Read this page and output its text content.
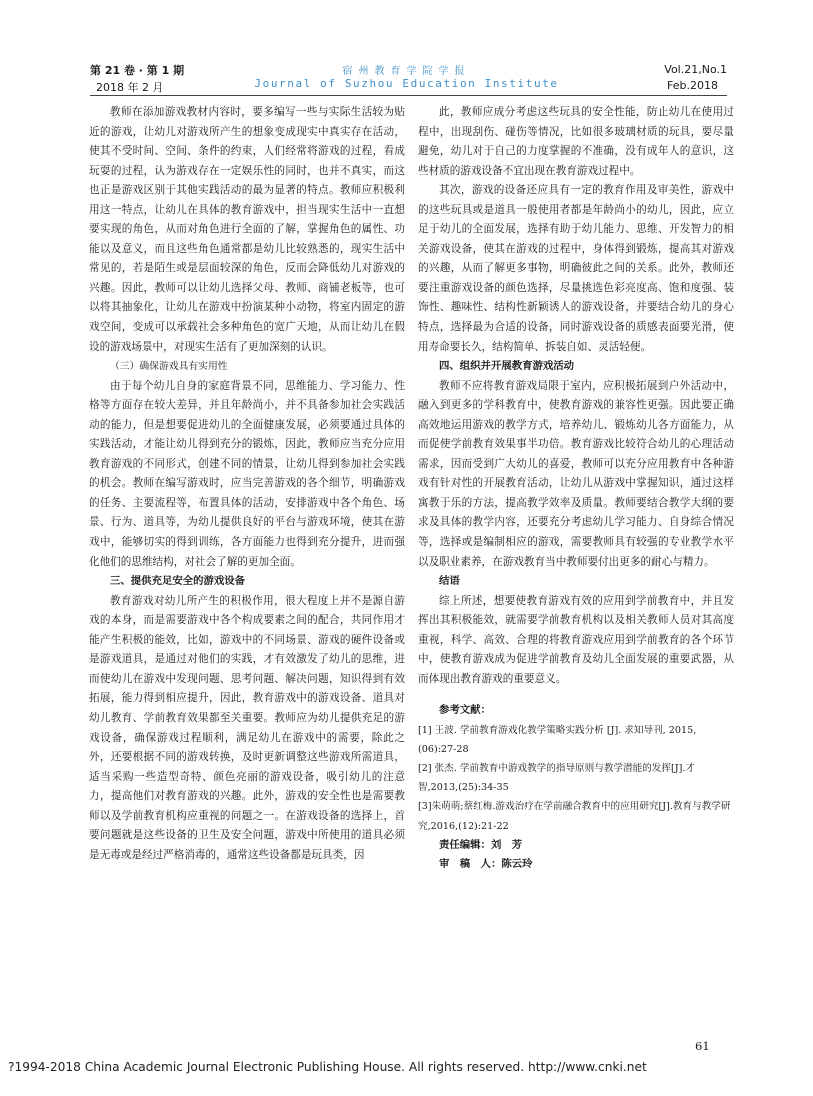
第 21 卷 · 第 1 期
2018 年 2 月
宿州教育学院学报
Journal of Suzhou Education Institute
Vol.21,No.1
Feb.2018

教师在添加游戏教材内容时，要多编写一些与实际生活较为贴近的游戏，让幼儿对游戏所产生的想象变成现实中真实存在活动，使其不受时间、空间、条件的约束，人们经常将游戏的过程，看成玩耍的过程，认为游戏存在一定娱乐性的同时，也并不真实，而这也正是游戏区别于其他实践活动的最为显著的特点。教师应积极利用这一特点，让幼儿在具体的教育游戏中，担当现实生活中一直想要实现的角色，从而对角色进行全面的了解，掌握角色的属性、功能以及意义，而且这些角色通常都是幼儿比较熟悉的，现实生活中常见的，若是陌生或是层面较深的角色，反而会降低幼儿对游戏的兴趣。因此，教师可以让幼儿选择父母、教师、商铺老板等，也可以将其抽象化，让幼儿在游戏中扮演某种小动物，将室内固定的游戏空间，变成可以承载社会多种角色的宽广天地，从而让幼儿在假设的游戏场景中，对现实生活有了更加深刻的认识。

（三）确保游戏具有实用性

由于每个幼儿自身的家庭背景不同，思维能力、学习能力、性格等方面存在较大差异，并且年龄尚小，并不具备参加社会实践活动的能力，但是想要促进幼儿的全面健康发展，必须要通过具体的实践活动，才能让幼儿得到充分的锻炼，因此，教师应当充分应用教育游戏的不同形式，创建不同的情景，让幼儿得到参加社会实践的机会。教师在编写游戏时，应当完善游戏的各个细节，明确游戏的任务、主要流程等，布置具体的活动，安排游戏中各个角色、场景、行为、道具等，为幼儿提供良好的平台与游戏环境，使其在游戏中，能够切实的得到训练，各方面能力也得到充分提升，进而强化他们的思维结构，对社会了解的更加全面。

三、提供充足安全的游戏设备

教育游戏对幼儿所产生的积极作用，很大程度上并不是源自游戏的本身，而是需要游戏中各个构成要素之间的配合，共同作用才能产生积极的能效，比如，游戏中的不同场景、游戏的硬件设备或是游戏道具，是通过对他们的实践，才有效激发了幼儿的思维，进而使幼儿在游戏中发现问题、思考问题、解决问题，知识得到有效拓展，能力得到相应提升，因此，教育游戏中的游戏设备、道具对幼儿教育、学前教育效果都至关重要。教师应为幼儿提供充足的游戏设备，确保游戏过程顺利，满足幼儿在游戏中的需要，除此之外，还要根据不同的游戏转换，及时更新调整这些游戏所需道具，适当采购一些造型奇特、颜色亮丽的游戏设备，吸引幼儿的注意力，提高他们对教育游戏的兴趣。此外，游戏的安全性也是需要教师以及学前教育机构应重视的问题之一。在游戏设备的选择上，首要问题就是这些设备的卫生及安全问题，游戏中所使用的道具必须是无毒或是经过严格消毒的，通常这些设备都是玩具类，因

此，教师应成分考虑这些玩具的安全性能，防止幼儿在使用过程中，出现刮伤、碰伤等情况，比如很多玻璃材质的玩具，要尽量避免，幼儿对于自己的力度掌握的不准确，没有成年人的意识，这些材质的游戏设备不宜出现在教育游戏过程中。

其次，游戏的设备还应具有一定的教育作用及审美性，游戏中的这些玩具或是道具一般使用者都是年龄尚小的幼儿，因此，应立足于幼儿的全面发展，选择有助于幼儿能力、思维、开发智力的相关游戏设备，使其在游戏的过程中，身体得到锻炼，提高其对游戏的兴趣，从而了解更多事物，明确彼此之间的关系。此外，教师还要注重游戏设备的颜色选择，尽量挑选色彩亮度高、饱和度强、装饰性、趣味性、结构性新颖诱人的游戏设备，并要结合幼儿的身心特点，选择最为合适的设备，同时游戏设备的质感表面要光滑，使用寿命要长久，结构简单、拆装自如、灵活轻便。

四、组织并开展教育游戏活动

教师不应将教育游戏局限于室内，应积极拓展到户外活动中，融入到更多的学科教育中，使教育游戏的兼容性更强。因此要正确高效地运用游戏的教学方式，培养幼儿、锻炼幼儿各方面能力，从而促使学前教育效果事半功倍。教育游戏比较符合幼儿的心理活动需求，因而受到广大幼儿的喜爱，教师可以充分应用教育中各种游戏有针对性的开展教育活动，让幼儿从游戏中掌握知识，通过这样寓教于乐的方法，提高教学效率及质量。教师要结合教学大纲的要求及具体的教学内容，还要充分考虑幼儿学习能力、自身综合情况等，选择或是编制相应的游戏，需要教师具有较强的专业教学水平以及职业素养，在游戏教育当中教师要付出更多的耐心与精力。

结语

综上所述，想要使教育游戏有效的应用到学前教育中，并且发挥出其积极能效，就需要学前教育机构以及相关教师人员对其高度重视，科学、高效、合理的将教育游戏应用到学前教育的各个环节中，使教育游戏成为促进学前教育及幼儿全面发展的重要武器，从而体现出教育游戏的重要意义。

参考文献：

[1] 王波. 学前教育游戏化教学策略实践分析 [J]. 求知导刊, 2015,(06):27-28

[2] 张杰. 学前教育中游戏教学的指导原则与教学潜能的发挥[J].才智,2013,(25):34-35

[3]朱萌萌;蔡红梅.游戏治疗在学前融合教育中的应用研究[J].教育与教学研究,2016,(12):21-22

责任编辑：刘　芳

审　稿　人：陈云玲

61
?1994-2018 China Academic Journal Electronic Publishing House. All rights reserved. http://www.cnki.net
